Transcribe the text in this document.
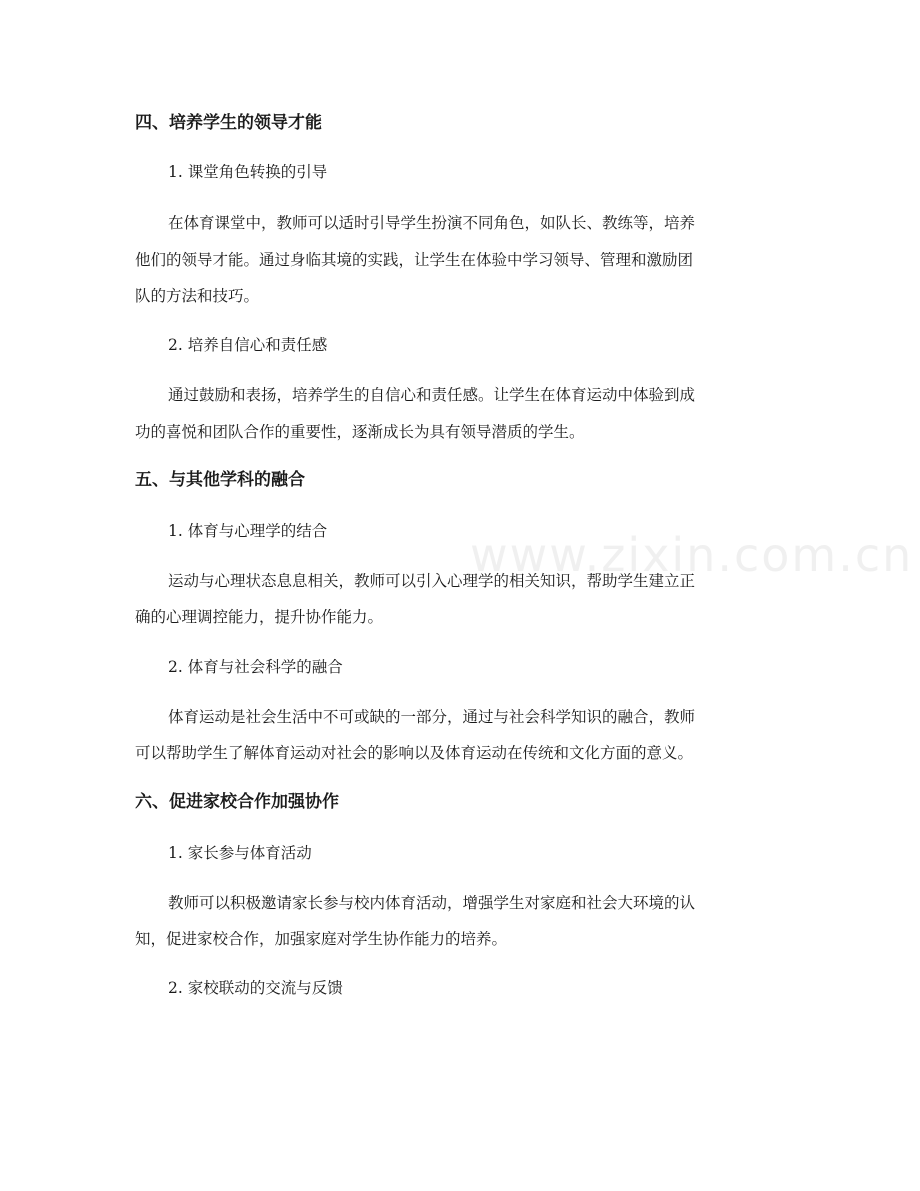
www.zixin.com.cn
四、培养学生的领导才能
1. 课堂角色转换的引导
在体育课堂中，教师可以适时引导学生扮演不同角色，如队长、教练等，培养
他们的领导才能。通过身临其境的实践，让学生在体验中学习领导、管理和激励团
队的方法和技巧。
2. 培养自信心和责任感
通过鼓励和表扬，培养学生的自信心和责任感。让学生在体育运动中体验到成
功的喜悦和团队合作的重要性，逐渐成长为具有领导潜质的学生。
五、与其他学科的融合
1. 体育与心理学的结合
运动与心理状态息息相关，教师可以引入心理学的相关知识，帮助学生建立正
确的心理调控能力，提升协作能力。
2. 体育与社会科学的融合
体育运动是社会生活中不可或缺的一部分，通过与社会科学知识的融合，教师
可以帮助学生了解体育运动对社会的影响以及体育运动在传统和文化方面的意义。
六、促进家校合作加强协作
1. 家长参与体育活动
教师可以积极邀请家长参与校内体育活动，增强学生对家庭和社会大环境的认
知，促进家校合作，加强家庭对学生协作能力的培养。
2. 家校联动的交流与反馈
